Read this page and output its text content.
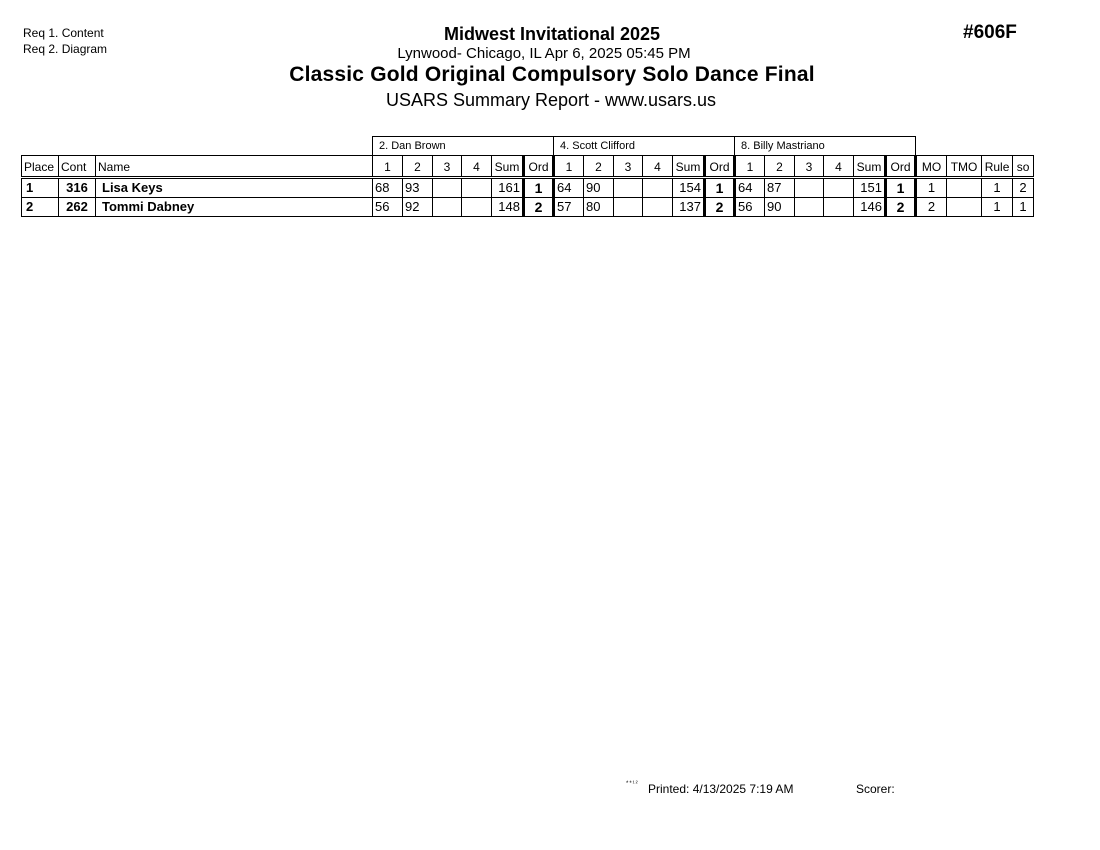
Req 1. Content
Req 2. Diagram
#606F
Midwest Invitational 2025
Lynwood- Chicago, IL Apr 6, 2025 05:45 PM
Classic Gold Original Compulsory Solo Dance Final
USARS Summary Report - www.usars.us
			2. Dan Brown						4. Scott Clifford						8. Billy Mastriano									
Place	Cont	Name	1	2	3	4	Sum	Ord	1	2	3	4	Sum	Ord	1	2	3	4	Sum	Ord	MO	TMO	Rule	so
1	316	Lisa Keys	68	93			161	1	64	90			154	1	64	87			151	1	1		1	2
2	262	Tommi Dabney	56	92			148	2	57	80			137	2	56	90			146	2	2		1	1
**¹² Printed: 4/13/2025 7:19 AM	Scorer:
